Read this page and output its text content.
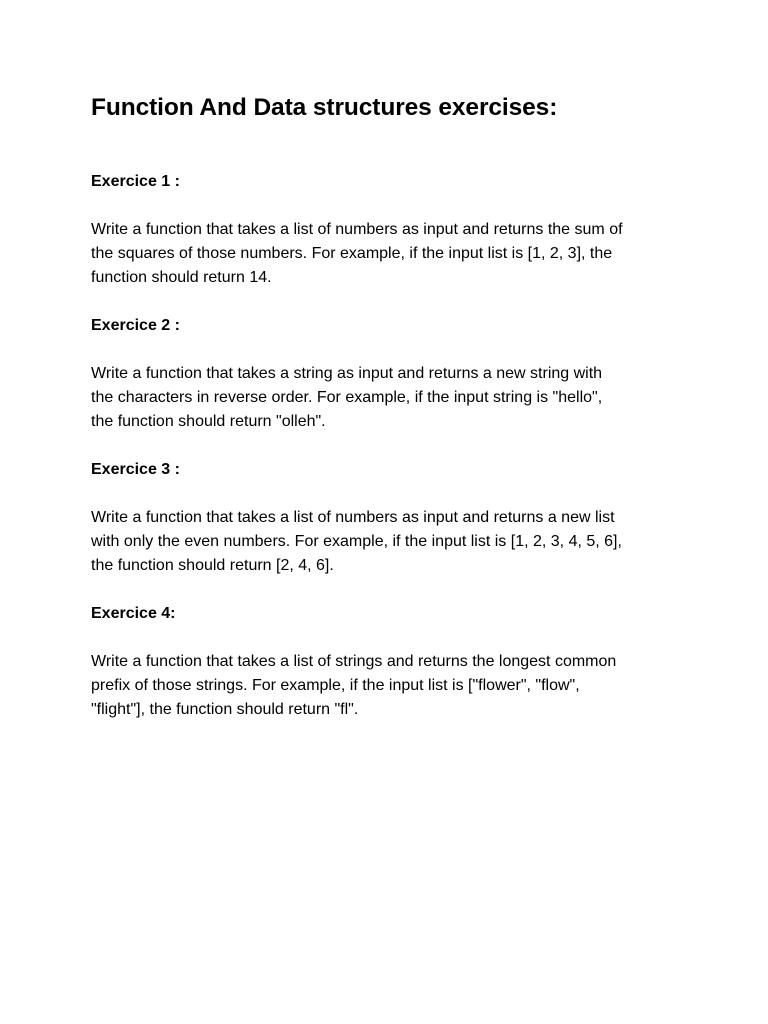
Function And Data structures exercises:
Exercice 1 :

Write a function that takes a list of numbers as input and returns the sum of
the squares of those numbers. For example, if the input list is [1, 2, 3], the
function should return 14.

Exercice 2 :

Write a function that takes a string as input and returns a new string with
the characters in reverse order. For example, if the input string is "hello",
the function should return "olleh".

Exercice 3 :

Write a function that takes a list of numbers as input and returns a new list
with only the even numbers. For example, if the input list is [1, 2, 3, 4, 5, 6],
the function should return [2, 4, 6].

Exercice 4:

Write a function that takes a list of strings and returns the longest common
prefix of those strings. For example, if the input list is ["flower", "flow",
"flight"], the function should return "fl".
